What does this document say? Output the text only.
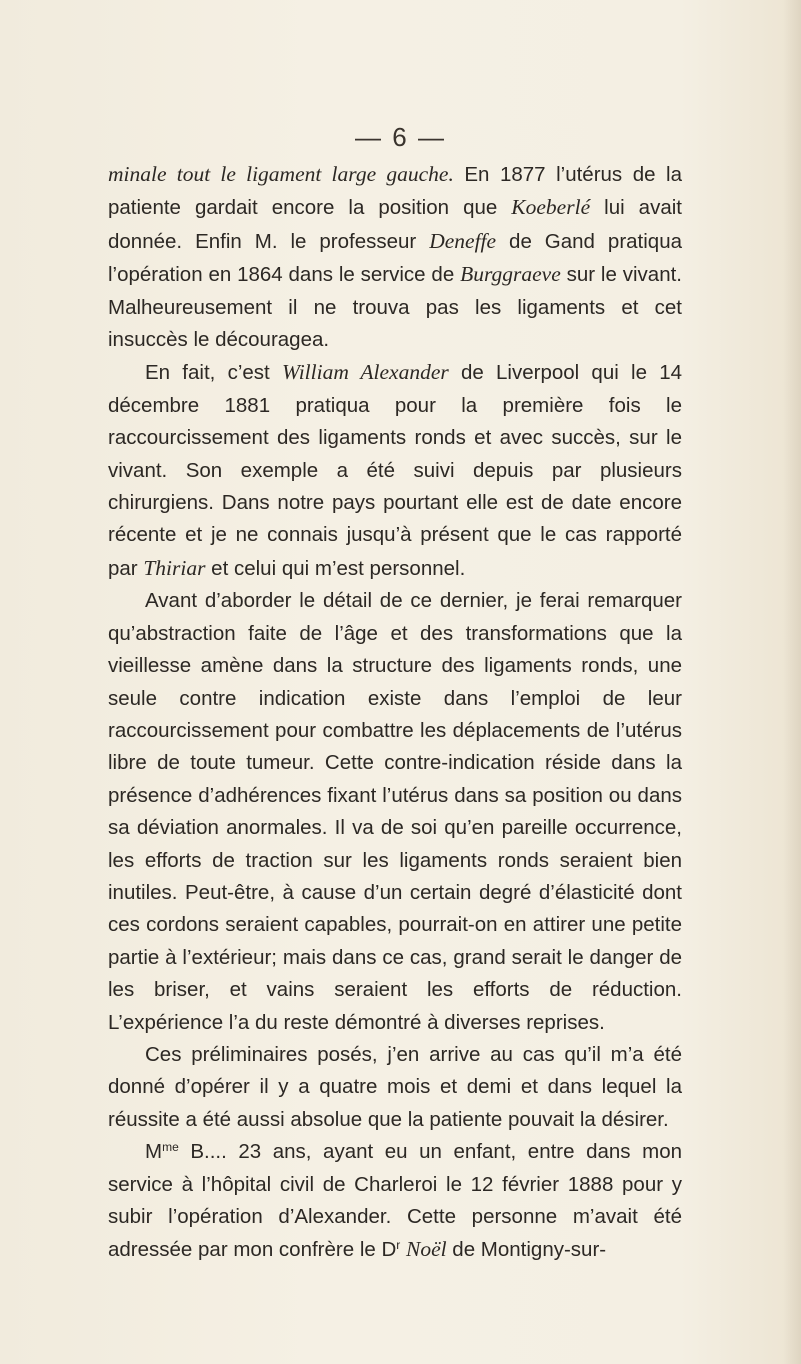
— 6 —

minale tout le ligament large gauche. En 1877 l’utérus de la patiente gardait encore la position que Koeberlé lui avait donnée. Enfin M. le professeur Deneffe de Gand pratiqua l’opération en 1864 dans le service de Burggraeve sur le vivant. Malheureusement il ne trouva pas les ligaments et cet insuccès le découragea.

En fait, c’est William Alexander de Liverpool qui le 14 décembre 1881 pratiqua pour la première fois le raccourcissement des ligaments ronds et avec succès, sur le vivant. Son exemple a été suivi depuis par plusieurs chirurgiens. Dans notre pays pourtant elle est de date encore récente et je ne connais jusqu’à présent que le cas rapporté par Thiriar et celui qui m’est personnel.

Avant d’aborder le détail de ce dernier, je ferai remarquer qu’abstraction faite de l’âge et des transformations que la vieillesse amène dans la structure des ligaments ronds, une seule contre indication existe dans l’emploi de leur raccourcissement pour combattre les déplacements de l’utérus libre de toute tumeur. Cette contre-indication réside dans la présence d’adhérences fixant l’utérus dans sa position ou dans sa déviation anormales. Il va de soi qu’en pareille occurrence, les efforts de traction sur les ligaments ronds seraient bien inutiles. Peut-être, à cause d’un certain degré d’élasticité dont ces cordons seraient capables, pourrait-on en attirer une petite partie à l’extérieur; mais dans ce cas, grand serait le danger de les briser, et vains seraient les efforts de réduction. L’expérience l’a du reste démontré à diverses reprises.

Ces préliminaires posés, j’en arrive au cas qu’il m’a été donné d’opérer il y a quatre mois et demi et dans lequel la réussite a été aussi absolue que la patiente pouvait la désirer.

$M^{me}$ B.... 23 ans, ayant eu un enfant, entre dans mon service à l’hôpital civil de Charleroi le 12 février 1888 pour y subir l’opération d’Alexander. Cette personne m’avait été adressée par mon confrère le $D^r$ Noël de Montigny-sur-
